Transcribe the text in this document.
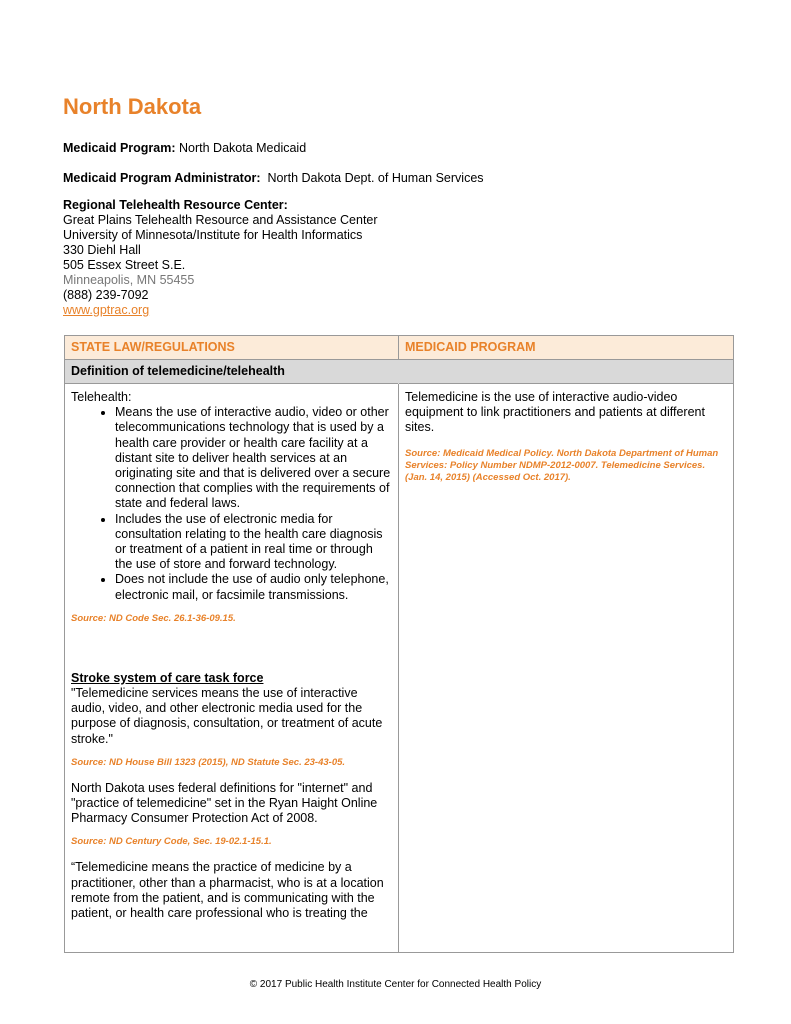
North Dakota
Medicaid Program: North Dakota Medicaid
Medicaid Program Administrator: North Dakota Dept. of Human Services
Regional Telehealth Resource Center:
Great Plains Telehealth Resource and Assistance Center
University of Minnesota/Institute for Health Informatics
330 Diehl Hall
505 Essex Street S.E.
Minneapolis, MN 55455
(888) 239-7092
www.gptrac.org
STATE LAW/REGULATIONS	MEDICAID PROGRAM
Definition of telemedicine/telehealth

Telehealth:

• Means the use of interactive audio, video or other telecommunications technology that is used by a health care provider or health care facility at a distant site to deliver health services at an originating site and that is delivered over a secure connection that complies with the requirements of state and federal laws.
• Includes the use of electronic media for consultation relating to the health care diagnosis or treatment of a patient in real time or through the use of store and forward technology.
• Does not include the use of audio only telephone, electronic mail, or facsimile transmissions.

Source: ND Code Sec. 26.1-36-09.15.

Stroke system of care task force

"Telemedicine services means the use of interactive audio, video, and other electronic media used for the purpose of diagnosis, consultation, or treatment of acute stroke."

Source: ND House Bill 1323 (2015), ND Statute Sec. 23-43-05.

North Dakota uses federal definitions for "internet" and "practice of telemedicine" set in the Ryan Haight Online Pharmacy Consumer Protection Act of 2008.

Source: ND Century Code, Sec. 19-02.1-15.1.

“Telemedicine means the practice of medicine by a practitioner, other than a pharmacist, who is at a location remote from the patient, and is communicating with the patient, or health care professional who is treating the

Telemedicine is the use of interactive audio-video equipment to link practitioners and patients at different sites.

Source: Medicaid Medical Policy. North Dakota Department of Human Services: Policy Number NDMP-2012-0007. Telemedicine Services. (Jan. 14, 2015) (Accessed Oct. 2017).

© 2017 Public Health Institute Center for Connected Health Policy
